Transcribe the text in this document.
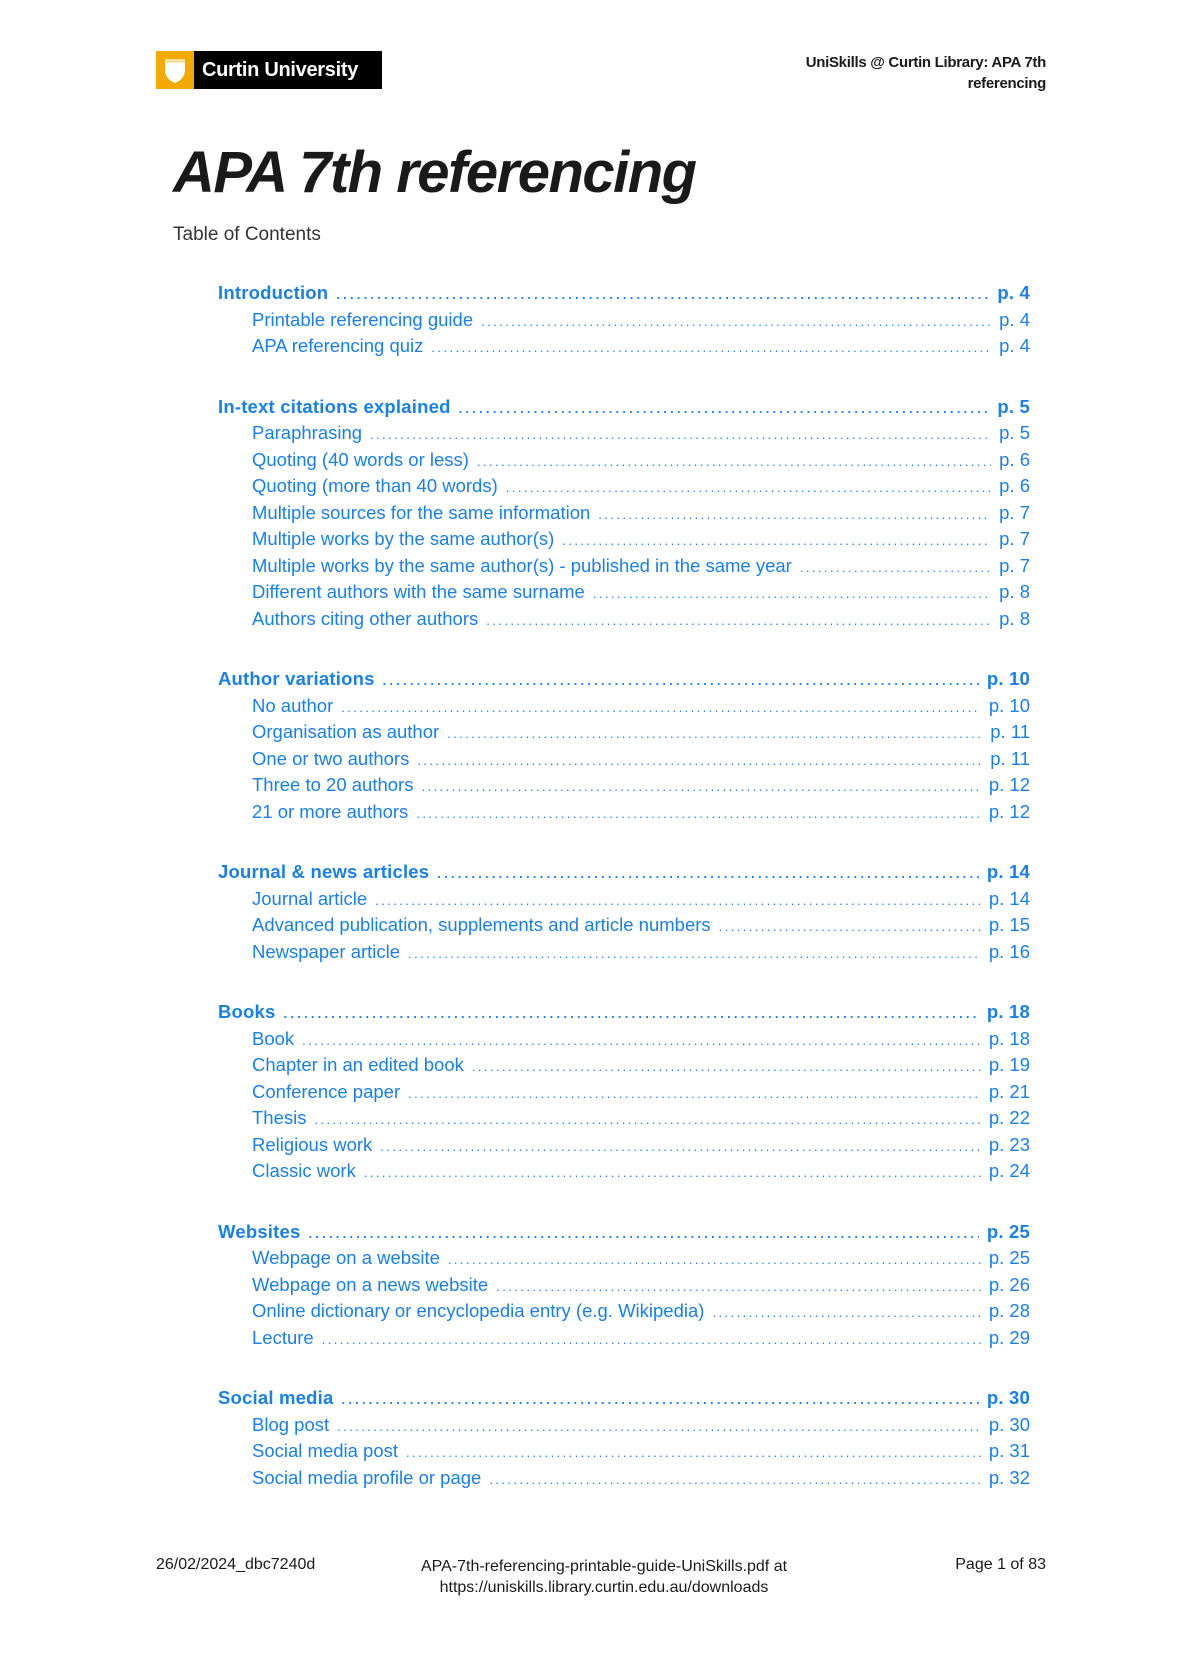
Curtin University	UniSkills @ Curtin Library: APA 7th
referencing
APA 7th referencing
Table of Contents
Introduction . . .	p. 4
Printable referencing guide . . .	p. 4
APA referencing quiz . . .	p. 4
In-text citations explained . . .	p. 5
Paraphrasing . . .	p. 5
Quoting (40 words or less) . . .	p. 6
Quoting (more than 40 words) . . .	p. 6
Multiple sources for the same information . . .	p. 7
Multiple works by the same author(s) . . .	p. 7
Multiple works by the same author(s) - published in the same year . . .	p. 7
Different authors with the same surname . . .	p. 8
Authors citing other authors . . .	p. 8
Author variations . . .	p. 10
No author . . .	p. 10
Organisation as author . . .	p. 11
One or two authors . . .	p. 11
Three to 20 authors . . .	p. 12
21 or more authors . . .	p. 12
Journal & news articles . . .	p. 14
Journal article . . .	p. 14
Advanced publication, supplements and article numbers . . .	p. 15
Newspaper article . . .	p. 16
Books . . .	p. 18
Book . . .	p. 18
Chapter in an edited book . . .	p. 19
Conference paper . . .	p. 21
Thesis . . .	p. 22
Religious work . . .	p. 23
Classic work . . .	p. 24
Websites . . .	p. 25
Webpage on a website . . .	p. 25
Webpage on a news website . . .	p. 26
Online dictionary or encyclopedia entry (e.g. Wikipedia) . . .	p. 28
Lecture . . .	p. 29
Social media . . .	p. 30
Blog post . . .	p. 30
Social media post . . .	p. 31
Social media profile or page . . .	p. 32
26/02/2024_dbc7240d	APA-7th-referencing-printable-guide-UniSkills.pdf at
https://uniskills.library.curtin.edu.au/downloads
Page 1 of 83
